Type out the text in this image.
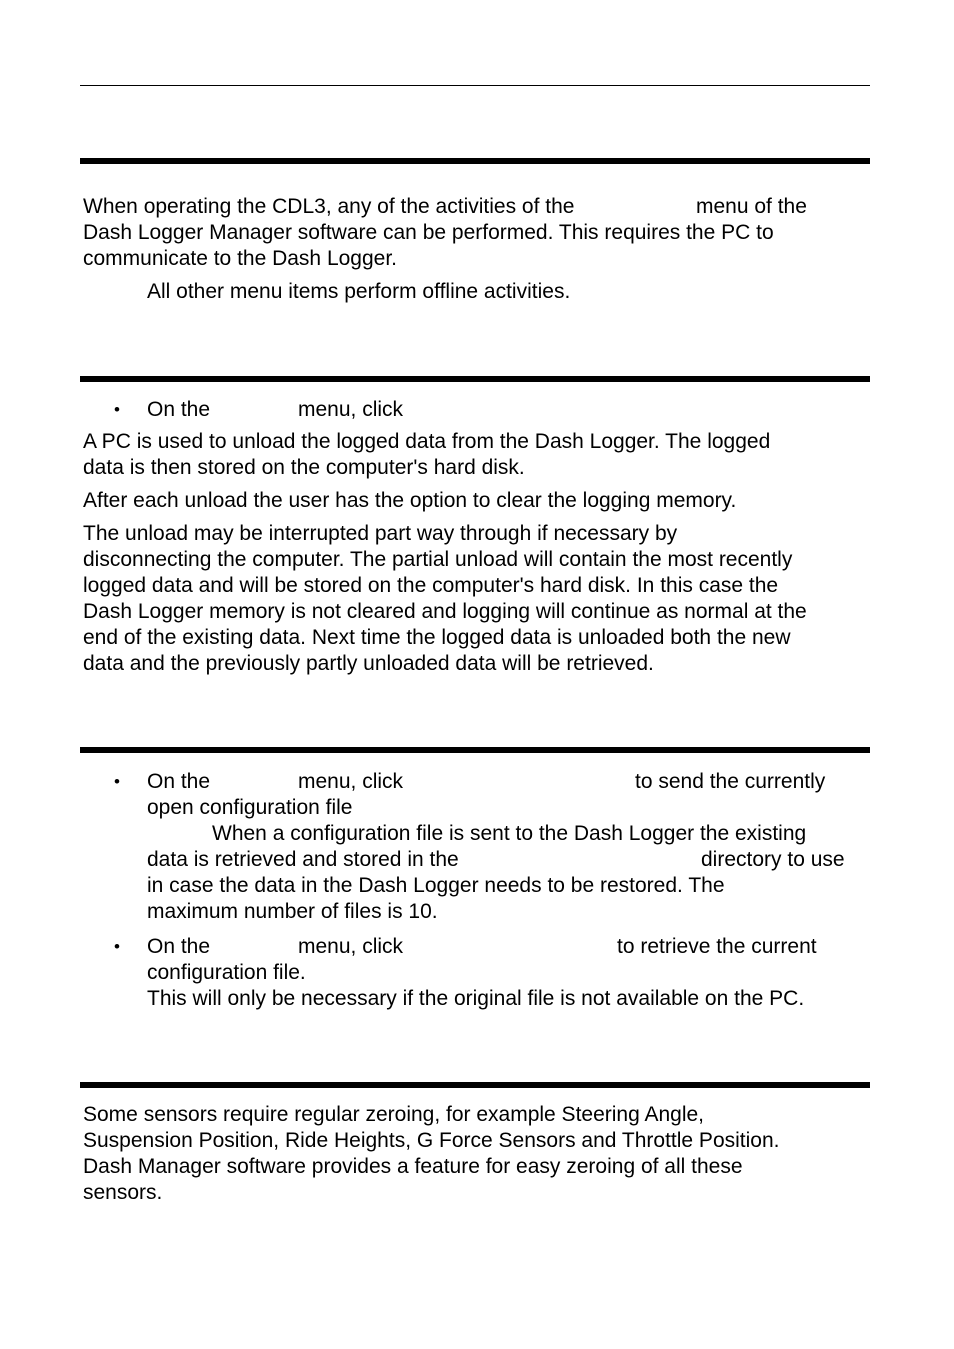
When operating the CDL3, any of the activities of the	menu of the
Dash Logger Manager software can be performed. This requires the PC to
communicate to the Dash Logger.
All other menu items perform offline activities.
• On the	menu, click
A PC is used to unload the logged data from the Dash Logger. The logged
data is then stored on the computer's hard disk.
After each unload the user has the option to clear the logging memory.
The unload may be interrupted part way through if necessary by
disconnecting the computer. The partial unload will contain the most recently
logged data and will be stored on the computer's hard disk. In this case the
Dash Logger memory is not cleared and logging will continue as normal at the
end of the existing data. Next time the logged data is unloaded both the new
data and the previously partly unloaded data will be retrieved.
• On the	menu, click	to send the currently
open configuration file
When a configuration file is sent to the Dash Logger the existing
data is retrieved and stored in the	directory to use
in case the data in the Dash Logger needs to be restored. The
maximum number of files is 10.
• On the	menu, click	to retrieve the current
configuration file.
This will only be necessary if the original file is not available on the PC.
Some sensors require regular zeroing, for example Steering Angle,
Suspension Position, Ride Heights, G Force Sensors and Throttle Position.
Dash Manager software provides a feature for easy zeroing of all these
sensors.
